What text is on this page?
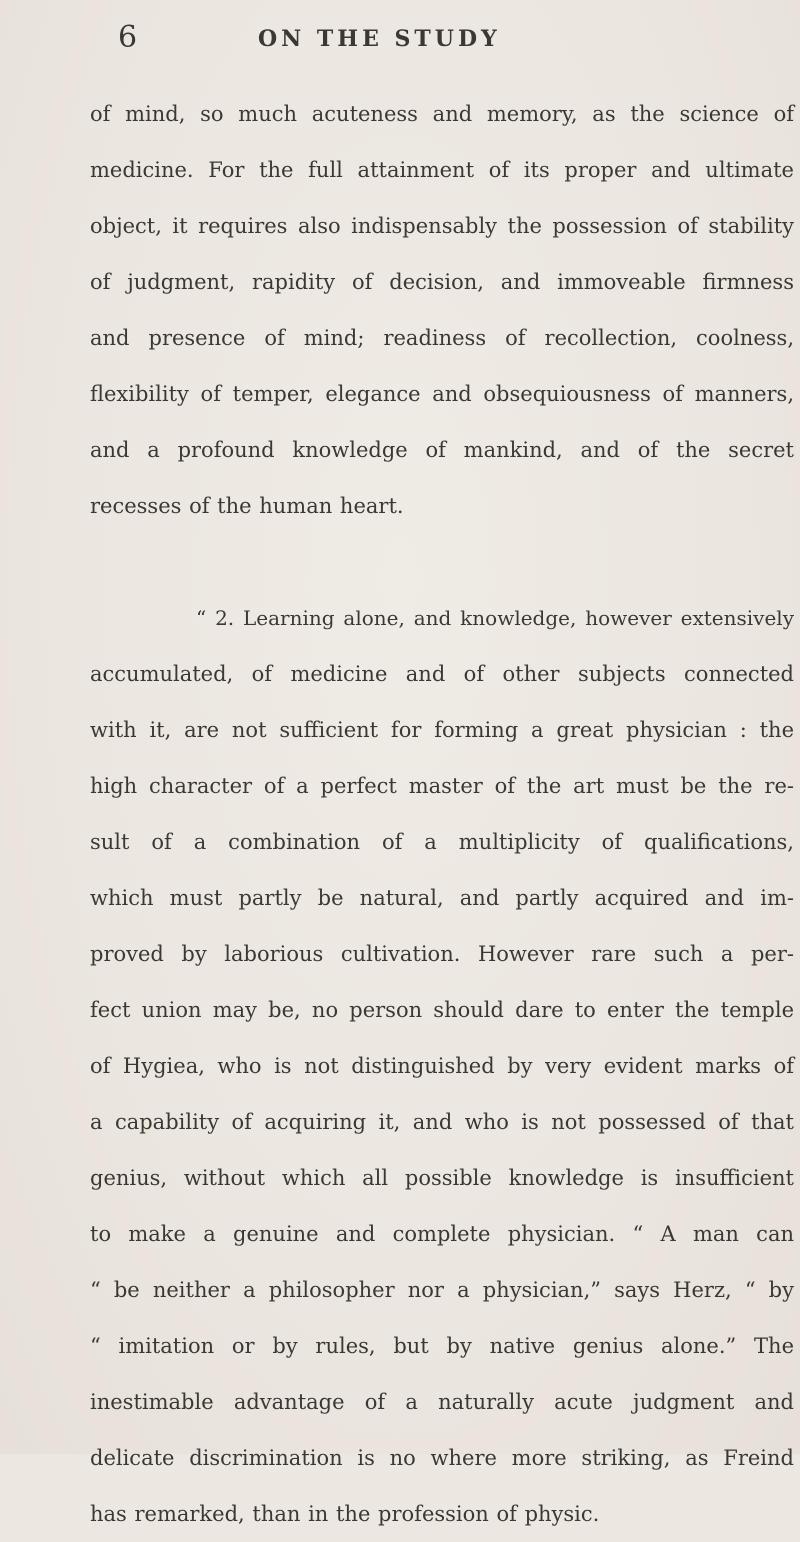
6	ON THE STUDY
of mind, so much acuteness and memory, as the science of
medicine. For the full attainment of its proper and ultimate
object, it requires also indispensably the possession of stability
of judgment, rapidity of decision, and immoveable firmness
and presence of mind; readiness of recollection, coolness,
flexibility of temper, elegance and obsequiousness of manners,
and a profound knowledge of mankind, and of the secret
recesses of the human heart.
“ 2. Learning alone, and knowledge, however extensively
accumulated, of medicine and of other subjects connected
with it, are not sufficient for forming a great physician : the
high character of a perfect master of the art must be the re-
sult of a combination of a multiplicity of qualifications,
which must partly be natural, and partly acquired and im-
proved by laborious cultivation. However rare such a per-
fect union may be, no person should dare to enter the temple
of Hygiea, who is not distinguished by very evident marks of
a capability of acquiring it, and who is not possessed of that
genius, without which all possible knowledge is insufficient
to make a genuine and complete physician. “ A man can
“ be neither a philosopher nor a physician,” says Herz, “ by
“ imitation or by rules, but by native genius alone.” The
inestimable advantage of a naturally acute judgment and
delicate discrimination is no where more striking, as Freind
has remarked, than in the profession of physic.
